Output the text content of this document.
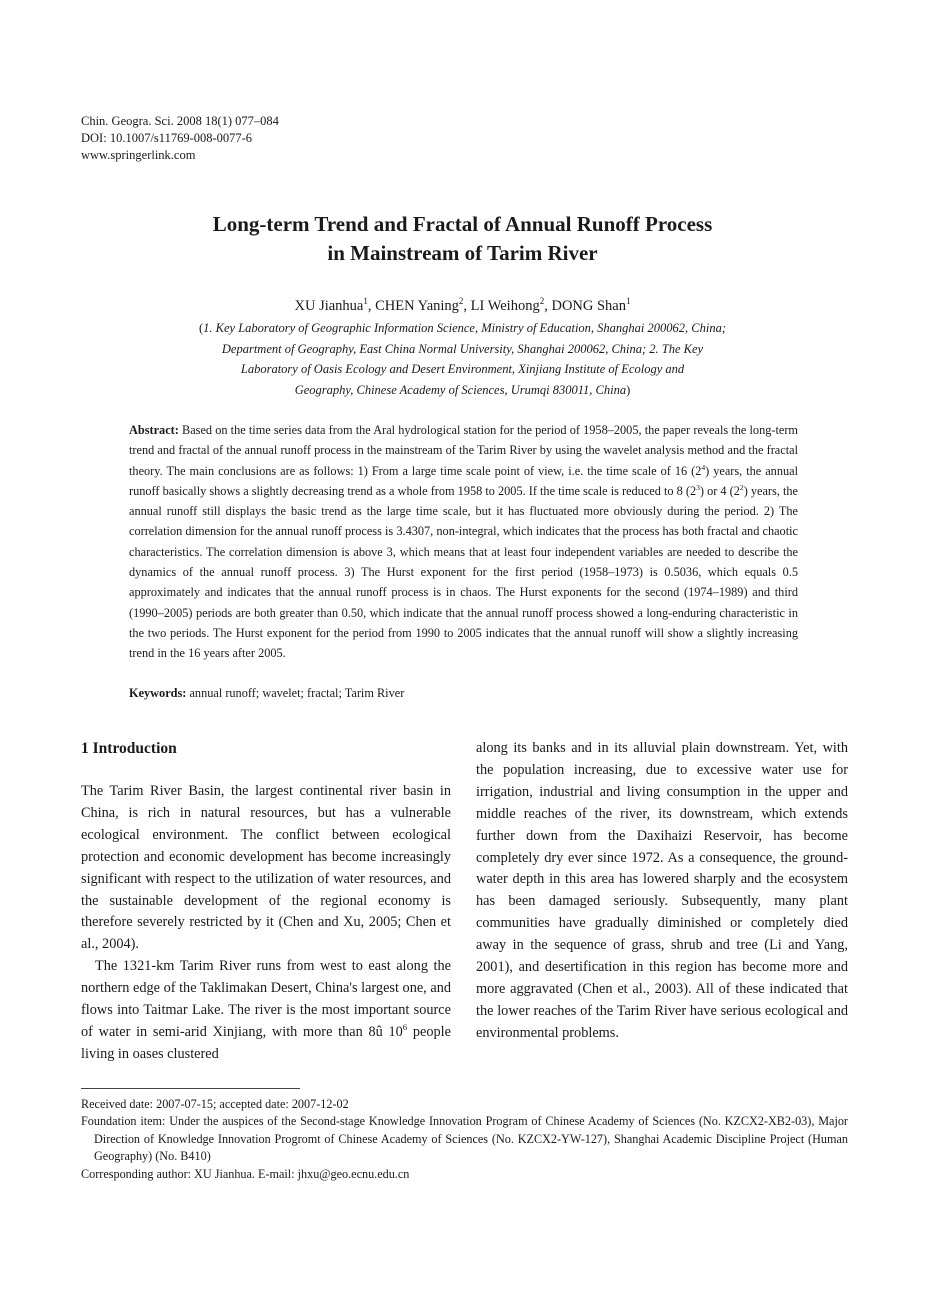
Chin. Geogra. Sci. 2008 18(1) 077–084
DOI: 10.1007/s11769-008-0077-6
www.springerlink.com
Long-term Trend and Fractal of Annual Runoff Process
in Mainstream of Tarim River
XU Jianhua$^1$, CHEN Yaning$^2$, LI Weihong$^2$, DONG Shan$^1$
(1. Key Laboratory of Geographic Information Science, Ministry of Education, Shanghai 200062, China;
Department of Geography, East China Normal University, Shanghai 200062, China; 2. The Key
Laboratory of Oasis Ecology and Desert Environment, Xinjiang Institute of Ecology and
Geography, Chinese Academy of Sciences, Urumqi 830011, China)
Abstract: Based on the time series data from the Aral hydrological station for the period of 1958–2005, the paper reveals the long-term trend and fractal of the annual runoff process in the mainstream of the Tarim River by using the wavelet analysis method and the fractal theory. The main conclusions are as follows: 1) From a large time scale point of view, i.e. the time scale of 16 $(2^4)$ years, the annual runoff basically shows a slightly decreasing trend as a whole from 1958 to 2005. If the time scale is reduced to 8 $(2^3)$ or 4 $(2^2)$ years, the annual runoff still displays the basic trend as the large time scale, but it has fluctuated more obviously during the period. 2) The correlation dimension for the annual runoff process is 3.4307, non-integral, which indicates that the process has both fractal and chaotic characteristics. The correlation dimension is above 3, which means that at least four independent variables are needed to describe the dynamics of the annual runoff process. 3) The Hurst exponent for the first period (1958–1973) is 0.5036, which equals 0.5 approximately and indicates that the annual runoff process is in chaos. The Hurst exponents for the second (1974–1989) and third (1990–2005) periods are both greater than 0.50, which indicate that the annual runoff process showed a long-enduring characteristic in the two periods. The Hurst exponent for the period from 1990 to 2005 indicates that the annual runoff will show a slightly increasing trend in the 16 years after 2005.
Keywords: annual runoff; wavelet; fractal; Tarim River
1 Introduction

The Tarim River Basin, the largest continental river basin in China, is rich in natural resources, but has a vulnerable ecological environment. The conflict between ecological protection and economic development has become increasingly significant with respect to the utilization of water resources, and the sustainable development of the regional economy is therefore severely restricted by it (Chen and Xu, 2005; Chen et al., 2004).

The 1321-km Tarim River runs from west to east along the northern edge of the Taklimakan Desert, China's largest one, and flows into Taitmar Lake. The river is the most important source of water in semi-arid Xinjiang, with more than 8û $10^6$ people living in oases clustered

along its banks and in its alluvial plain downstream. Yet, with the population increasing, due to excessive water use for irrigation, industrial and living consumption in the upper and middle reaches of the river, its downstream, which extends further down from the Daxihaizi Reservoir, has become completely dry ever since 1972. As a consequence, the ground-water depth in this area has lowered sharply and the ecosystem has been damaged seriously. Subsequently, many plant communities have gradually diminished or completely died away in the sequence of grass, shrub and tree (Li and Yang, 2001), and desertification in this region has become more and more aggravated (Chen et al., 2003). All of these indicated that the lower reaches of the Tarim River have serious ecological and environmental problems.

Received date: 2007-07-15; accepted date: 2007-12-02
Foundation item: Under the auspices of the Second-stage Knowledge Innovation Program of Chinese Academy of Sciences (No. KZCX2-XB2-03), Major Direction of Knowledge Innovation Progromt of Chinese Academy of Sciences (No. KZCX2-YW-127), Shanghai Academic Discipline Project (Human Geography) (No. B410)
Corresponding author: XU Jianhua. E-mail: jhxu@geo.ecnu.edu.cn
